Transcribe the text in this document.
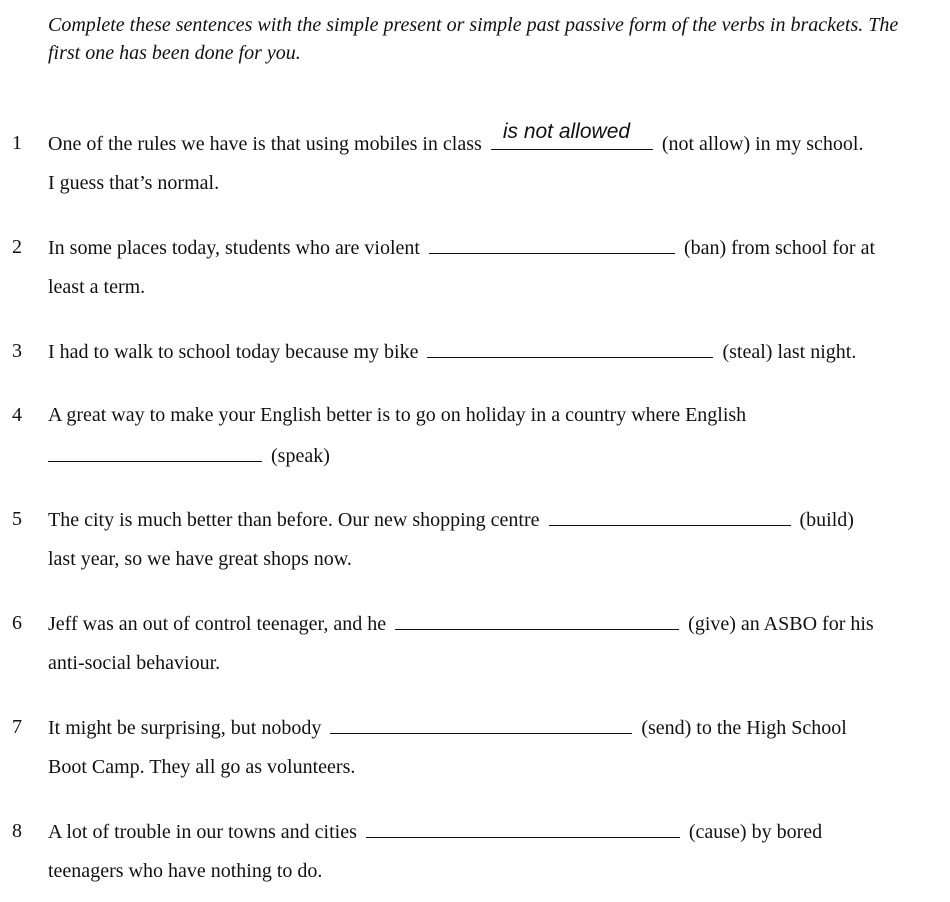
Complete these sentences with the simple present or simple past passive form of the verbs in brackets. The first one has been done for you.

1 One of the rules we have is that using mobiles in class
is not allowed
(not allow) in my school.
I guess that’s normal.
2 In some places today, students who are violent	(ban) from school for at
least a term.
3 I had to walk to school today because my bike	(steal) last night.
4 A great way to make your English better is to go on holiday in a country where English
(speak)
5 The city is much better than before. Our new shopping centre	(build)
last year, so we have great shops now.
6 Jeff was an out of control teenager, and he	(give) an ASBO for his
anti-social behaviour.
7 It might be surprising, but nobody	(send) to the High School
Boot Camp. They all go as volunteers.
8 A lot of trouble in our towns and cities	(cause) by bored
teenagers who have nothing to do.
